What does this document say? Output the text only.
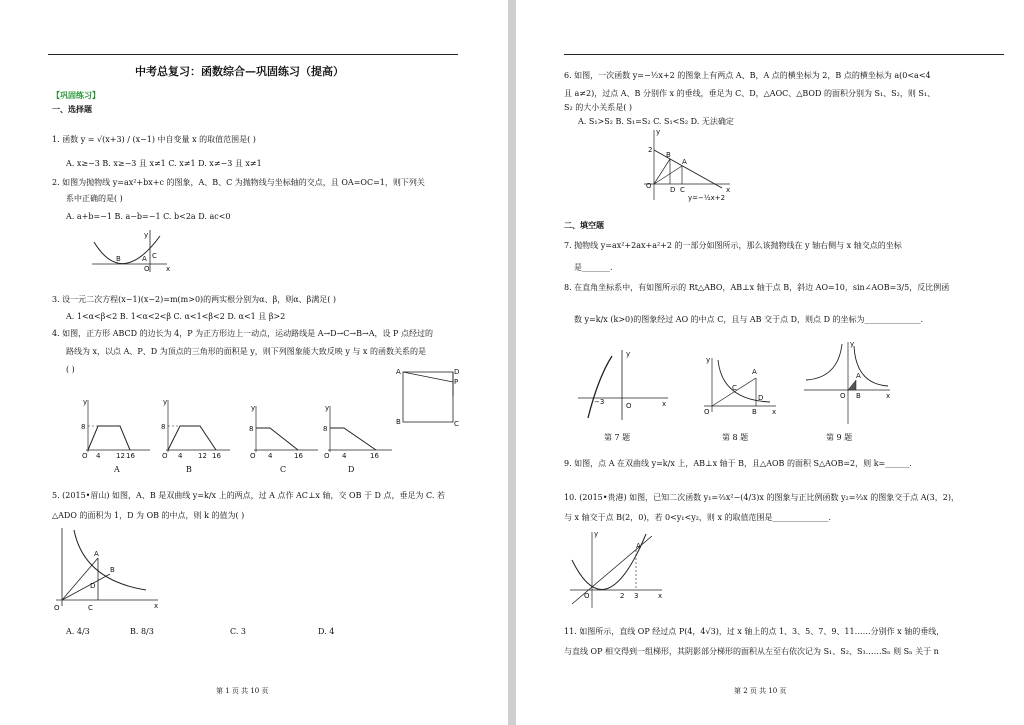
中考总复习：函数综合—巩固练习（提高）
【巩固练习】
一、选择题
1. 函数 y = √(x+3) / (x−1) 中自变量 x 的取值范围是( )
A. x≥−3 B. x≥−3 且 x≠1 C. x≠1 D. x≠−3 且 x≠1
2. 如图为抛物线 y=ax²+bx+c 的图象，A、B、C 为抛物线与坐标轴的交点，且 OA=OC=1，则下列关
系中正确的是( )
A. a+b=−1 B. a−b=−1 C. b<2a D. ac<0
y
x
B	A
O
C
3. 设一元二次方程(x−1)(x−2)=m(m>0)的两实根分别为α、β，则α、β满足( )
A. 1<α<β<2 B. 1<α<2<β C. α<1<β<2 D. α<1 且 β>2
4. 如图，正方形 ABCD 的边长为 4，P 为正方形边上一动点，运动路线是 A→D→C→B→A，设 P 点经过的
路线为 x，以点 A、P、D 为顶点的三角形的面积是 y，则下列图象能大致反映 y 与 x 的函数关系的是
( )	A	D
P
B	C
y
8
O 4 12 16
y
8
O 4 12 16
y
8
O 4	16
y
8
O 4	16
A	B	C	D
5. (2015•眉山) 如图，A、B 是双曲线 y=k/x 上的两点，过 A 点作 AC⊥x 轴，交 OB 于 D 点，垂足为 C. 若
△ADO 的面积为 1，D 为 OB 的中点，则 k 的值为( )
A
B
D
O	C	x
A. 4/3	B. 8/3	C. 3	D. 4
第 1 页 共 10 页
6. 如图，一次函数 y=−½x+2 的图象上有两点 A、B，A 点的横坐标为 2，B 点的横坐标为 a(0<a<4
且 a≠2)，过点 A、B 分别作 x 的垂线，垂足为 C、D，△AOC、△BOD 的面积分别为 S₁、S₂，则 S₁、
S₂ 的大小关系是( )
A. S₁>S₂ B. S₁=S₂ C. S₁<S₂ D. 无法确定
y
2
B
A
O	D C	x
y=−½x+2
二、填空题
7. 抛物线 y=ax²+2ax+a²+2 的一部分如图所示，那么该抛物线在 y 轴右侧与 x 轴交点的坐标
是_______.
8. 在直角坐标系中，有如图所示的 Rt△ABO，AB⊥x 轴于点 B，斜边 AO=10，sin∠AOB=3/5，反比例函
数 y=k/x (k>0)的图象经过 AO 的中点 C，且与 AB 交于点 D，则点 D 的坐标为______________.
y
−3	O	x
y
A
C
D
O	B x
y
A
B
O	x
第 7 题	第 8 题	第 9 题
9. 如图，点 A 在双曲线 y=k/x 上，AB⊥x 轴于 B，且△AOB 的面积 S△AOB=2，则 k=______.
10. (2015•贵港) 如图，已知二次函数 y₁=⅔x²−(4/3)x 的图象与正比例函数 y₂=⅔x 的图象交于点 A(3，2)，
与 x 轴交于点 B(2，0)，若 0<y₁<y₂，则 x 的取值范围是______________.
y
A
O	2 3	x
11. 如图所示，直线 OP 经过点 P(4，4√3)，过 x 轴上的点 1、3、5、7、9、11……分别作 x 轴的垂线，
与直线 OP 相交得到一组梯形，其阴影部分梯形的面积从左至右依次记为 S₁、S₂、S₃……Sₙ 则 Sₙ 关于 n
第 2 页 共 10 页
